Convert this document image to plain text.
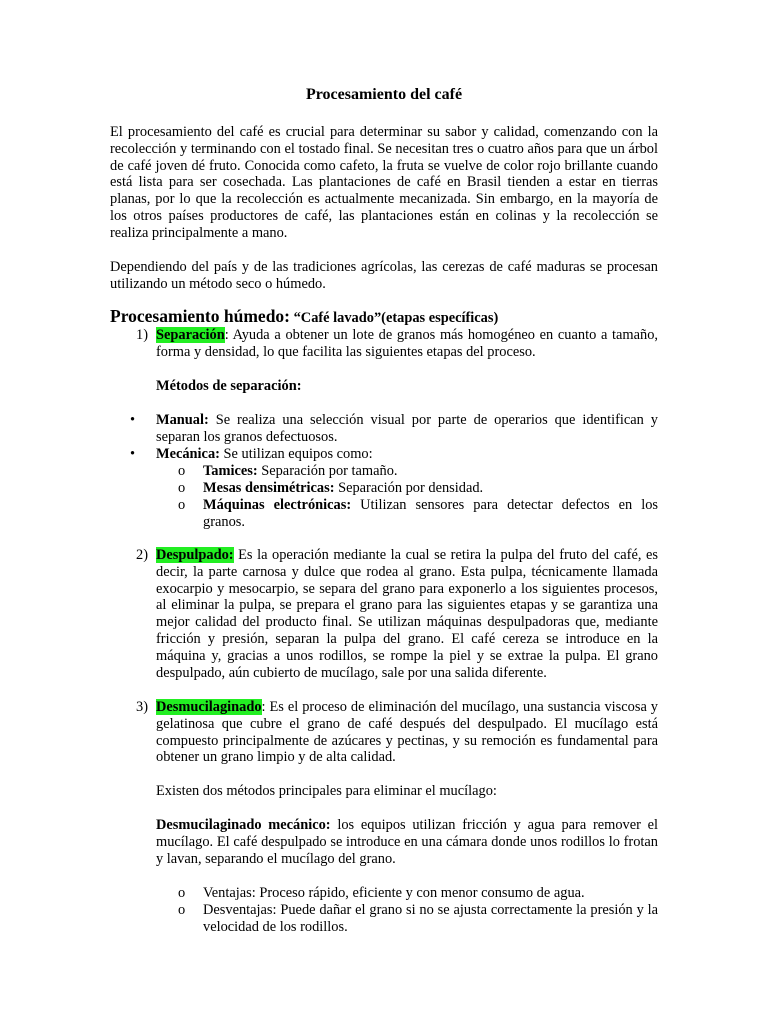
Procesamiento del café
El procesamiento del café es crucial para determinar su sabor y calidad, comenzando con la recolección y terminando con el tostado final. Se necesitan tres o cuatro años para que un árbol de café joven dé fruto. Conocida como cafeto, la fruta se vuelve de color rojo brillante cuando está lista para ser cosechada. Las plantaciones de café en Brasil tienden a estar en tierras planas, por lo que la recolección es actualmente mecanizada. Sin embargo, en la mayoría de los otros países productores de café, las plantaciones están en colinas y la recolección se realiza principalmente a mano.
Dependiendo del país y de las tradiciones agrícolas, las cerezas de café maduras se procesan utilizando un método seco o húmedo.
Procesamiento húmedo: “Café lavado”(etapas específicas)
1) Separación: Ayuda a obtener un lote de granos más homogéneo en cuanto a tamaño, forma y densidad, lo que facilita las siguientes etapas del proceso.
Métodos de separación:
• Manual: Se realiza una selección visual por parte de operarios que identifican y separan los granos defectuosos.
• Mecánica: Se utilizan equipos como:
o Tamices: Separación por tamaño.
o Mesas densimétricas: Separación por densidad.
o Máquinas electrónicas: Utilizan sensores para detectar defectos en los granos.
2) Despulpado: Es la operación mediante la cual se retira la pulpa del fruto del café, es decir, la parte carnosa y dulce que rodea al grano. Esta pulpa, técnicamente llamada exocarpio y mesocarpio, se separa del grano para exponerlo a los siguientes procesos, al eliminar la pulpa, se prepara el grano para las siguientes etapas y se garantiza una mejor calidad del producto final. Se utilizan máquinas despulpadoras que, mediante fricción y presión, separan la pulpa del grano. El café cereza se introduce en la máquina y, gracias a unos rodillos, se rompe la piel y se extrae la pulpa. El grano despulpado, aún cubierto de mucílago, sale por una salida diferente.
3) Desmucilaginado: Es el proceso de eliminación del mucílago, una sustancia viscosa y gelatinosa que cubre el grano de café después del despulpado. El mucílago está compuesto principalmente de azúcares y pectinas, y su remoción es fundamental para obtener un grano limpio y de alta calidad.
Existen dos métodos principales para eliminar el mucílago:
Desmucilaginado mecánico: los equipos utilizan fricción y agua para remover el mucílago. El café despulpado se introduce en una cámara donde unos rodillos lo frotan y lavan, separando el mucílago del grano.
o Ventajas: Proceso rápido, eficiente y con menor consumo de agua.
o Desventajas: Puede dañar el grano si no se ajusta correctamente la presión y la velocidad de los rodillos.
